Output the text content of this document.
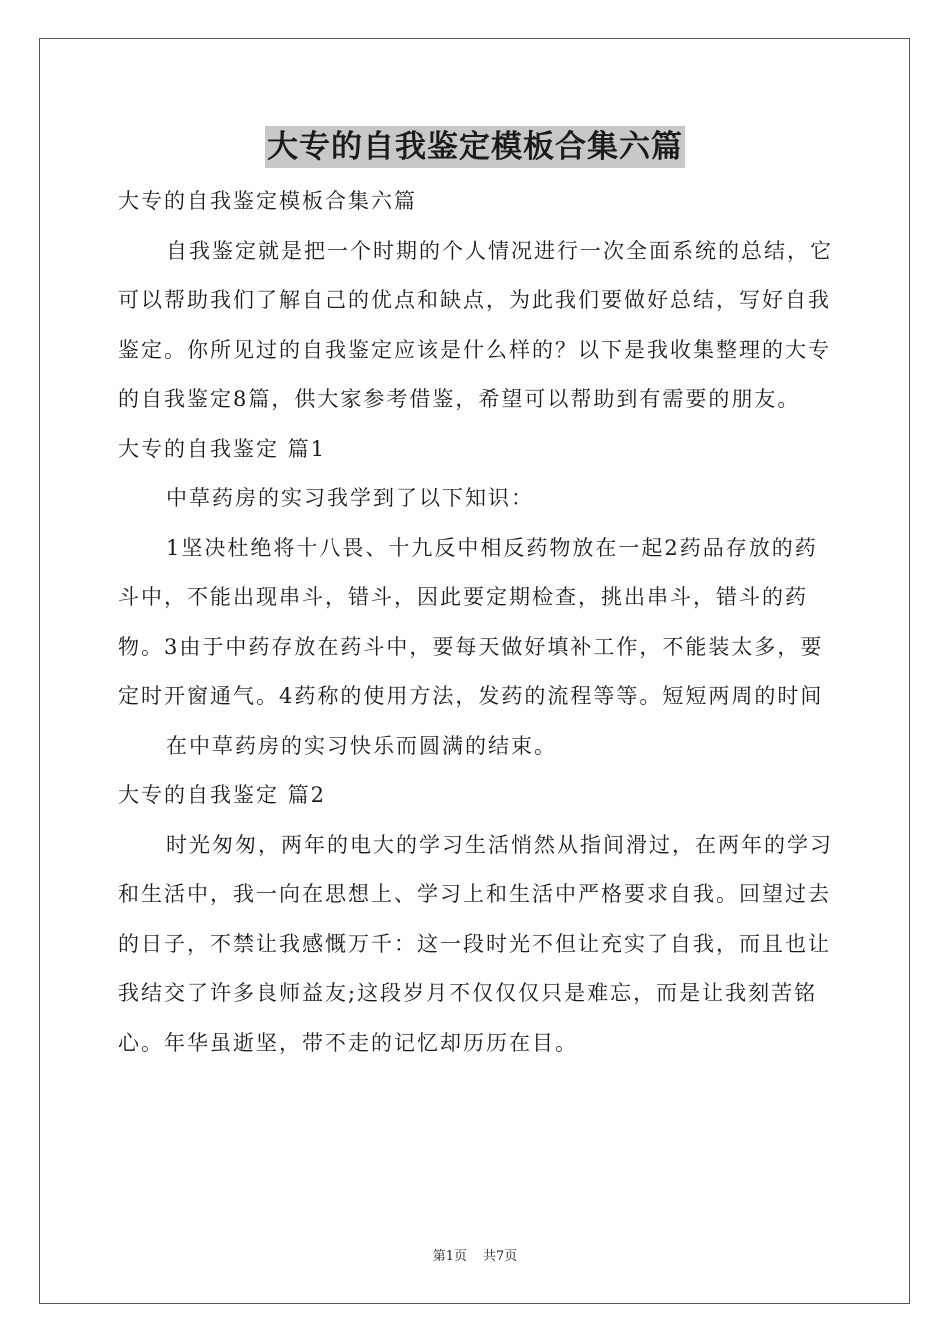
大专的自我鉴定模板合集六篇

大专的自我鉴定模板合集六篇

自我鉴定就是把一个时期的个人情况进行一次全面系统的总结，它可以帮助我们了解自己的优点和缺点，为此我们要做好总结，写好自我鉴定。你所见过的自我鉴定应该是什么样的？以下是我收集整理的大专的自我鉴定8篇，供大家参考借鉴，希望可以帮助到有需要的朋友。

大专的自我鉴定 篇1

中草药房的实习我学到了以下知识：

1坚决杜绝将十八畏、十九反中相反药物放在一起2药品存放的药斗中，不能出现串斗，错斗，因此要定期检查，挑出串斗，错斗的药物。3由于中药存放在药斗中，要每天做好填补工作，不能装太多，要定时开窗通气。4药称的使用方法，发药的流程等等。短短两周的时间

在中草药房的实习快乐而圆满的结束。

大专的自我鉴定 篇2

时光匆匆，两年的电大的学习生活悄然从指间滑过，在两年的学习和生活中，我一向在思想上、学习上和生活中严格要求自我。回望过去的日子，不禁让我感慨万千：这一段时光不但让充实了自我，而且也让我结交了许多良师益友;这段岁月不仅仅仅只是难忘，而是让我刻苦铭心。年华虽逝坚，带不走的记忆却历历在目。

第1页 共7页
